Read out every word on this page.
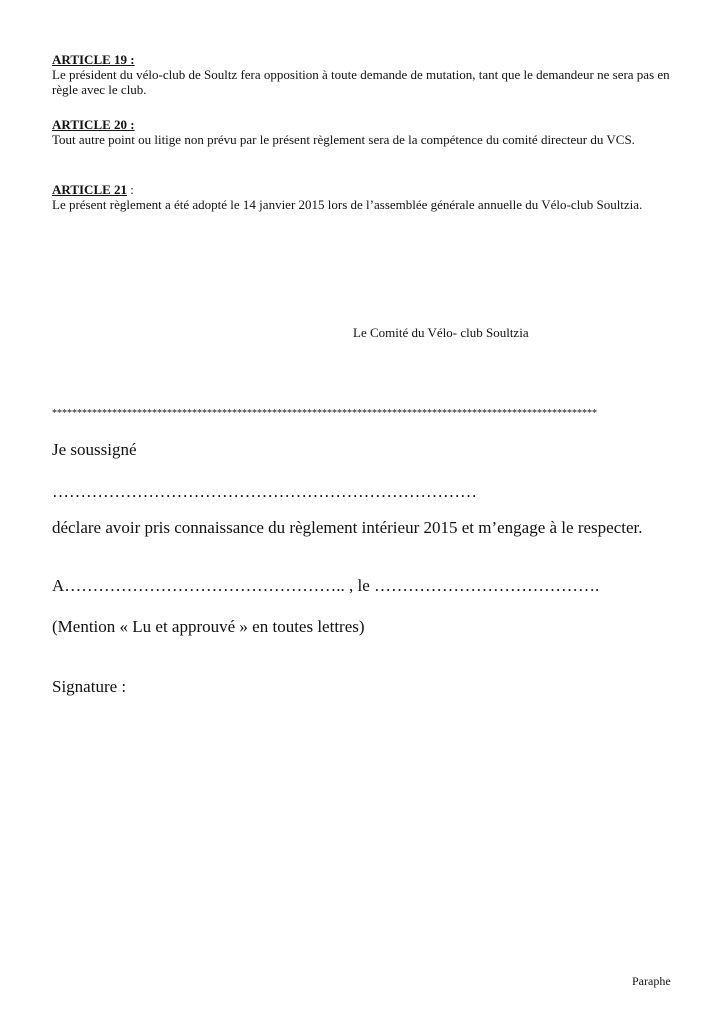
ARTICLE 19 :
Le président du vélo-club de Soultz fera opposition à toute demande de mutation, tant que le demandeur ne sera pas en règle avec le club.
ARTICLE 20 :
Tout autre point ou litige non prévu par le présent règlement sera de la compétence du comité directeur du VCS.
ARTICLE 21 :
Le présent règlement a été adopté le 14 janvier 2015 lors de l’assemblée générale annuelle du Vélo-club Soultzia.
Le Comité du Vélo- club Soultzia
*************************************************************************************************************
Je soussigné
…………………………………………………………………
déclare avoir pris connaissance du règlement intérieur 2015 et m’engage à le respecter.
A………………………………………….. , le ………………………………….
(Mention « Lu et approuvé » en toutes lettres)
Signature :
Paraphe
